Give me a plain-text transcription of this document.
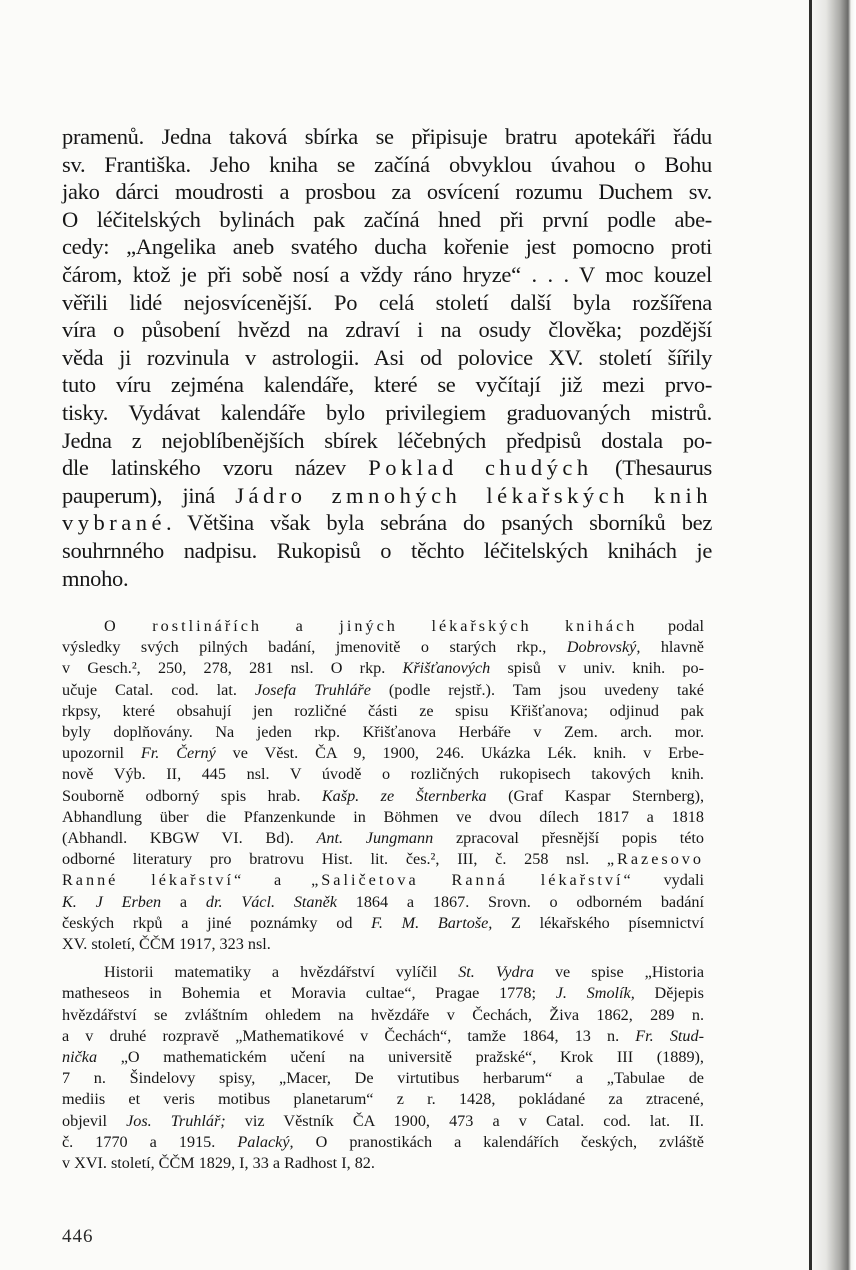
pramenů. Jedna taková sbírka se připisuje bratru apotekáři řádu
sv. Františka. Jeho kniha se začíná obvyklou úvahou o Bohu
jako dárci moudrosti a prosbou za osvícení rozumu Duchem sv.
O léčitelských bylinách pak začíná hned při první podle abe-
cedy: „Angelika aneb svatého ducha kořenie jest pomocno proti
čárom, ktož je při sobě nosí a vždy ráno hryze“ . . . V moc kouzel
věřili lidé nejosvícenější. Po celá století další byla rozšířena
víra o působení hvězd na zdraví i na osudy člověka; pozdější
věda ji rozvinula v astrologii. Asi od polovice XV. století šířily
tuto víru zejména kalendáře, které se vyčítají již mezi prvo-
tisky. Vydávat kalendáře bylo privilegiem graduovaných mistrů.
Jedna z nejoblíbenějších sbírek léčebných předpisů dostala po-
dle latinského vzoru název Poklad chudých (Thesaurus
pauperum), jiná Jádro zmnohých lékařských knih
vybrané. Většina však byla sebrána do psaných sborníků bez
souhrnného nadpisu. Rukopisů o těchto léčitelských knihách je
mnoho.
O rostlinářích a jiných lékařských knihách podal
výsledky svých pilných badání, jmenovitě o starých rkp., Dobrovský, hlavně
v Gesch.², 250, 278, 281 nsl. O rkp. Křišťanových spisů v univ. knih. po-
učuje Catal. cod. lat. Josefa Truhláře (podle rejstř.). Tam jsou uvedeny také
rkpsy, které obsahují jen rozličné části ze spisu Křišťanova; odjinud pak
byly doplňovány. Na jeden rkp. Křišťanova Herbáře v Zem. arch. mor.
upozornil Fr. Černý ve Věst. ČA 9, 1900, 246. Ukázka Lék. knih. v Erbe-
nově Výb. II, 445 nsl. V úvodě o rozličných rukopisech takových knih.
Souborně odborný spis hrab. Kašp. ze Šternberka (Graf Kaspar Sternberg),
Abhandlung über die Pfanzenkunde in Böhmen ve dvou dílech 1817 a 1818
(Abhandl. KBGW VI. Bd). Ant. Jungmann zpracoval přesnější popis této
odborné literatury pro bratrovu Hist. lit. čes.², III, č. 258 nsl. „Razesovo
Ranné lékařství“ a „Saličetova Ranná lékařství“ vydali
K. J Erben a dr. Václ. Staněk 1864 a 1867. Srovn. o odborném badání
českých rkpů a jiné poznámky od F. M. Bartoše, Z lékařského písemnictví
XV. století, ČČM 1917, 323 nsl.
Historii matematiky a hvězdářství vylíčil St. Vydra ve spise „Historia
matheseos in Bohemia et Moravia cultae“, Pragae 1778; J. Smolík, Dějepis
hvězdářství se zvláštním ohledem na hvězdáře v Čechách, Živa 1862, 289 n.
a v druhé rozpravě „Mathematikové v Čechách“, tamže 1864, 13 n. Fr. Stud-
nička „O mathematickém učení na universitě pražské“, Krok III (1889),
7 n. Šindelovy spisy, „Macer, De virtutibus herbarum“ a „Tabulae de
mediis et veris motibus planetarum“ z r. 1428, pokládané za ztracené,
objevil Jos. Truhlář; viz Věstník ČA 1900, 473 a v Catal. cod. lat. II.
č. 1770 a 1915. Palacký, O pranostikách a kalendářích českých, zvláště
v XVI. století, ČČM 1829, I, 33 a Radhost I, 82.
446
